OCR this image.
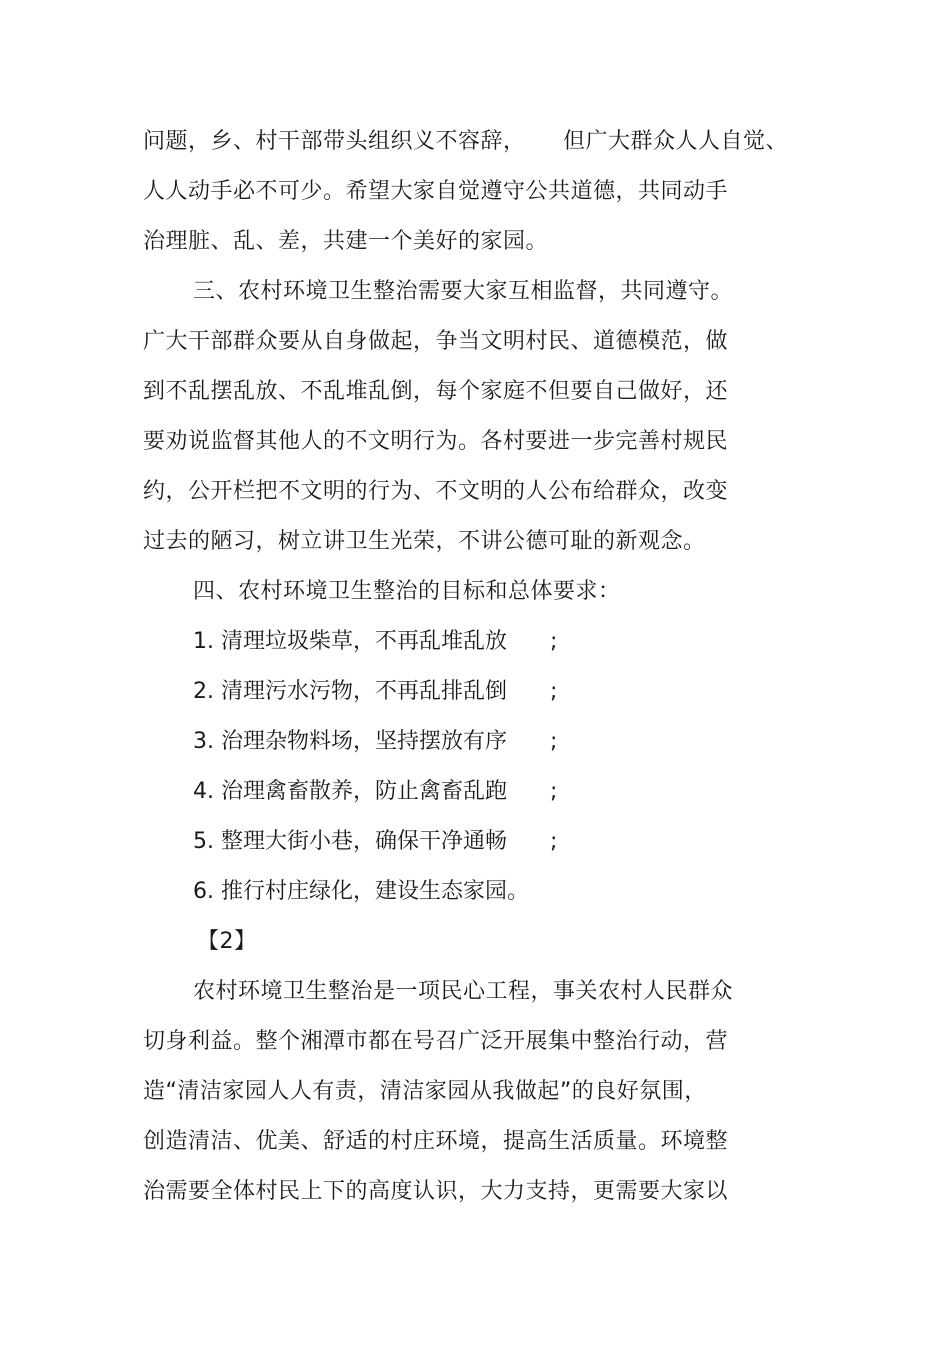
问题，乡、村干部带头组织义不容辞， 但广大群众人人自觉、
人人动手必不可少。希望大家自觉遵守公共道德，共同动手
治理脏、乱、差，共建一个美好的家园。
三、农村环境卫生整治需要大家互相监督，共同遵守。
广大干部群众要从自身做起，争当文明村民、道德模范，做
到不乱摆乱放、不乱堆乱倒，每个家庭不但要自己做好，还
要劝说监督其他人的不文明行为。各村要进一步完善村规民
约，公开栏把不文明的行为、不文明的人公布给群众，改变
过去的陋习，树立讲卫生光荣，不讲公德可耻的新观念。
四、农村环境卫生整治的目标和总体要求：
1. 清理垃圾柴草，不再乱堆乱放 ;
2. 清理污水污物，不再乱排乱倒 ;
3. 治理杂物料场，坚持摆放有序 ;
4. 治理禽畜散养，防止禽畜乱跑 ;
5. 整理大街小巷，确保干净通畅 ;
6. 推行村庄绿化，建设生态家园。
【2】
农村环境卫生整治是一项民心工程，事关农村人民群众
切身利益。整个湘潭市都在号召广泛开展集中整治行动，营
造“清洁家园人人有责，清洁家园从我做起”的良好氛围，
创造清洁、优美、舒适的村庄环境，提高生活质量。环境整
治需要全体村民上下的高度认识，大力支持，更需要大家以
